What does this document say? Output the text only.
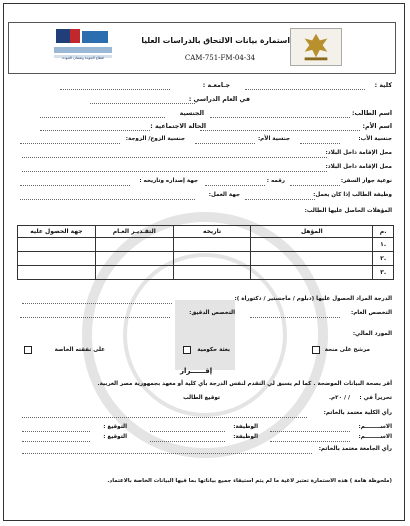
قطاع الجودة وضمان الجودة
استمارة بيانات الالتحاق بالدراسات العليا
CAM-751-FM-04-34
كلية :
جـامعـة :
في العام الدراسي :
اسم الطالب:
الجنسية
اسم الأم:
الحالة الاجتماعية :
جنسية الأب:
جنسية الأم:
جنسية الزوج/ الزوجة:
محل الإقامة داخل البلاد:
محل الإقامة داخل البلاد:
نوعية جواز السفر:
رقمه :
جهة إصداره وتاريخه :
وظيفة الطالب إذا كان يعمل:
جهة العمل:
المؤهلات الحاصل عليها الطالب:
جهة الحصول عليه	التقـديـر العـام	تاريخه	المؤهل	م.
				١.
				٢.
				٣.
الدرجة المراد الحصول عليها (دبلوم / ماجستير / دكتوراة ):
التخصص العام:
التخصص الدقيق:
المورد المالي:
مرشح على منحة
بعثة حكومية
على نفقته الخاصة
إقــــــرار
أقر بصحة البيانات الموضحة . كما لم يسبق لي التقدم لنفس الدرجة بأي كلية أو معهد بجمهورية مصر العربية.
تحريراً في :
/ / ٢٠م.
توقيع الطالب
رأي الكلية معتمد بالخاتم:
الاســــــــم:
الوظيفة:
التوقيع :
رأي الجامعة معتمد بالخاتم:
الاســــــــم:
الوظيفة:
التوقيع :
(ملحوظة هامة ) هذه الاستمارة تعتبر لاغية ما لم يتم استيفاء جميع بياناتها بما فيها البيانات الخاصة بالاعتماد.
